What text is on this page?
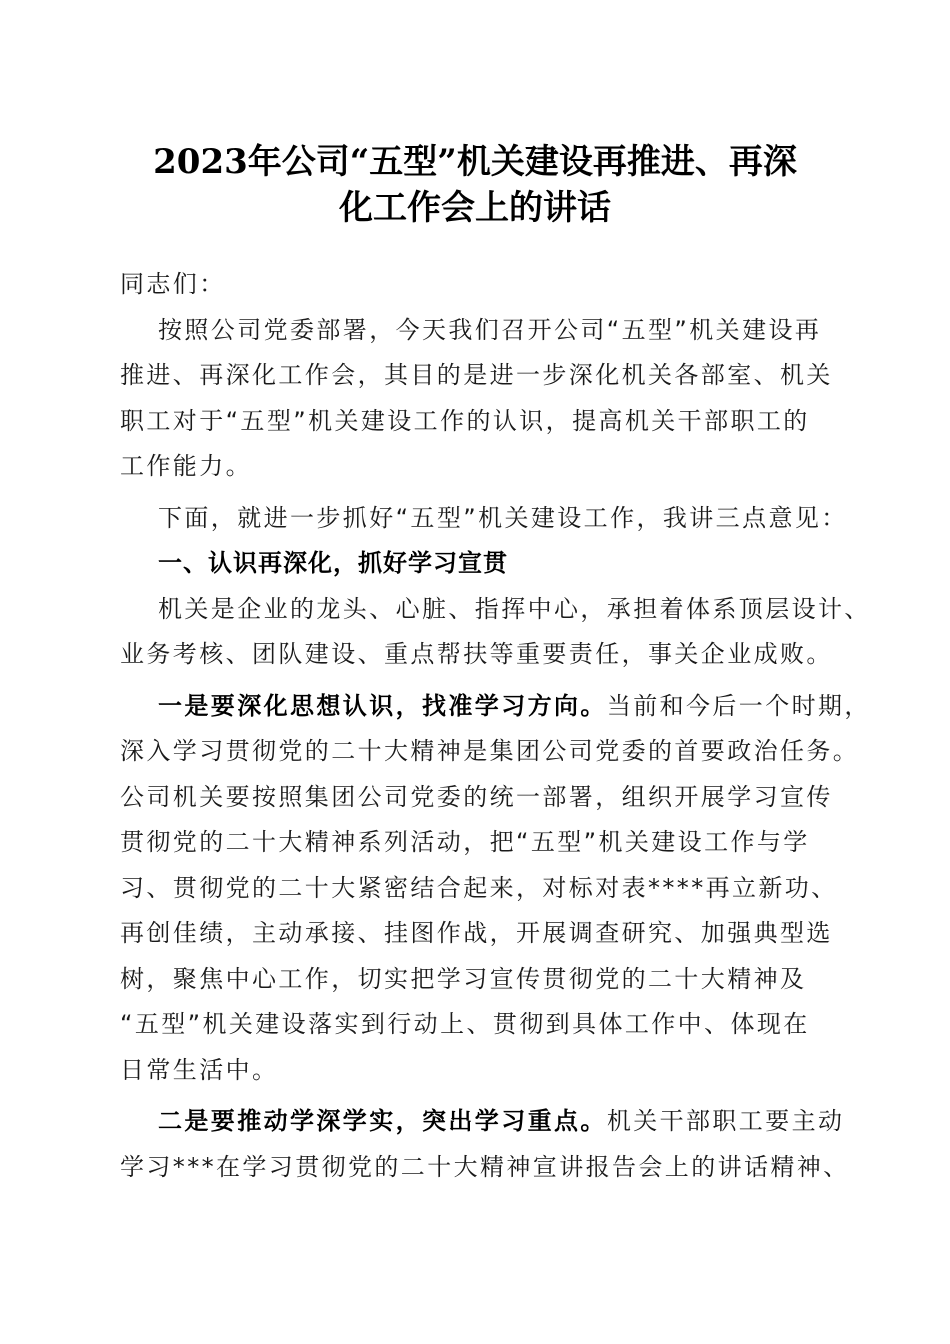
2023年公司“五型”机关建设再推进、再深
化工作会上的讲话
同志们：
按照公司党委部署，今天我们召开公司“五型”机关建设再
推进、再深化工作会，其目的是进一步深化机关各部室、机关
职工对于“五型”机关建设工作的认识，提高机关干部职工的
工作能力。
下面，就进一步抓好“五型”机关建设工作，我讲三点意见：
一、认识再深化，抓好学习宣贯
机关是企业的龙头、心脏、指挥中心，承担着体系顶层设计、
业务考核、团队建设、重点帮扶等重要责任，事关企业成败。
一是要深化思想认识，找准学习方向。当前和今后一个时期，
深入学习贯彻党的二十大精神是集团公司党委的首要政治任务。
公司机关要按照集团公司党委的统一部署，组织开展学习宣传
贯彻党的二十大精神系列活动，把“五型”机关建设工作与学
习、贯彻党的二十大紧密结合起来，对标对表****再立新功、
再创佳绩，主动承接、挂图作战，开展调查研究、加强典型选
树，聚焦中心工作，切实把学习宣传贯彻党的二十大精神及
“五型”机关建设落实到行动上、贯彻到具体工作中、体现在
日常生活中。
二是要推动学深学实，突出学习重点。机关干部职工要主动
学习***在学习贯彻党的二十大精神宣讲报告会上的讲话精神、
